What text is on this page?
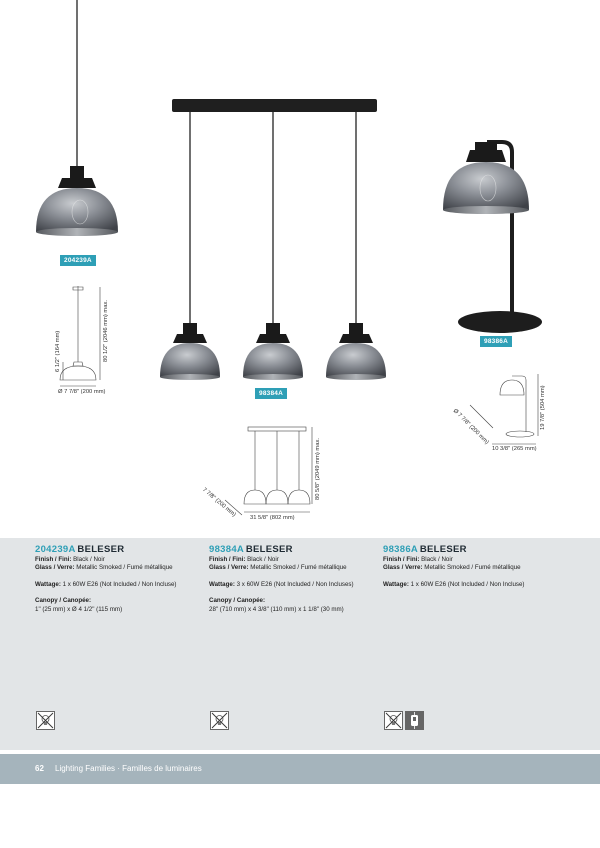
204239A
98384A
98386A
80 1/2" (2046 mm) max.
6 1/2" (164 mm)
Ø 7 7/8" (200 mm)
80 5/8" (2049 mm) max.
7 7/8" (200 mm) 31 5/8" (802 mm)
19 7/8" (504 mm)
Ø 7 7/8" (200 mm)
10 3/8" (265 mm)
204239A BELESER
Finish / Fini: Black / Noir
Glass / Verre: Metallic Smoked / Fumé métallique
Wattage: 1 x 60W E26 (Not Included / Non Incluse)
Canopy / Canopée:
1" (25 mm) x Ø 4 1/2" (115 mm)
98384A BELESER
Finish / Fini: Black / Noir
Glass / Verre: Metallic Smoked / Fumé métallique
Wattage: 3 x 60W E26 (Not Included / Non Incluses)
Canopy / Canopée:
28" (710 mm) x 4 3/8" (110 mm) x 1 1/8" (30 mm)
98386A BELESER
Finish / Fini: Black / Noir
Glass / Verre: Metallic Smoked / Fumé métallique
Wattage: 1 x 60W E26 (Not Included / Non Incluse)
62 Lighting Families · Familles de luminaires
